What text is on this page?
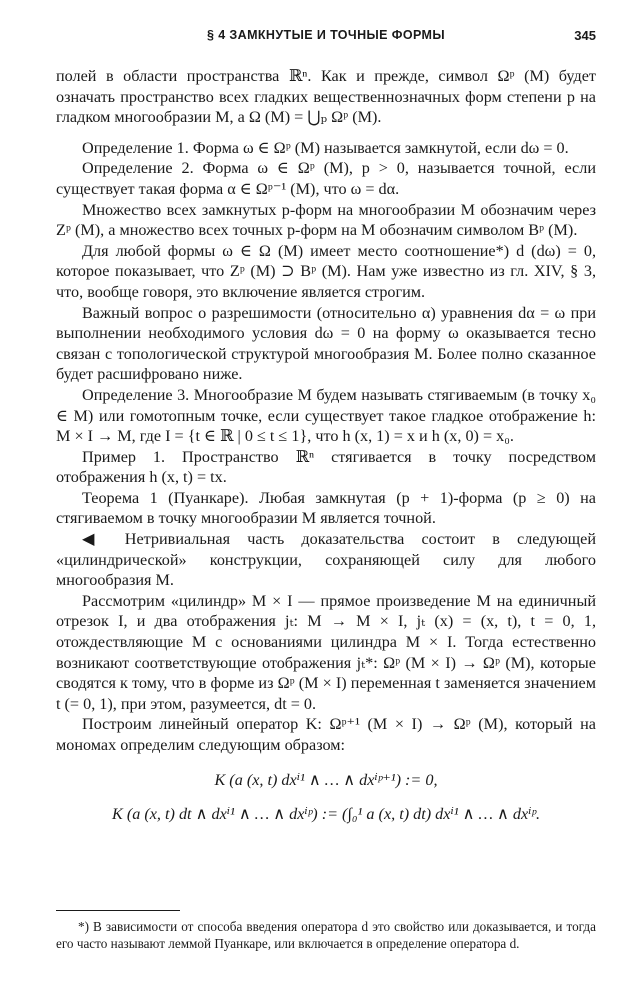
§ 4 ЗАМКНУТЫЕ И ТОЧНЫЕ ФОРМЫ	345

полей в области пространства ℝⁿ. Как и прежде, символ Ωᵖ (M) будет означать пространство всех гладких вещественнозначных форм степени p на гладком многообразии M, а Ω (M) = ⋃ₚ Ωᵖ (M).

Определение 1. Форма ω ∈ Ωᵖ (M) называется замкнутой, если dω = 0.

Определение 2. Форма ω ∈ Ωᵖ (M), p > 0, называется точной, если существует такая форма α ∈ Ωᵖ⁻¹ (M), что ω = dα.

Множество всех замкнутых p-форм на многообразии M обозначим через Zᵖ (M), а множество всех точных p-форм на M обозначим символом Bᵖ (M).

Для любой формы ω ∈ Ω (M) имеет место соотношение*) d (dω) = 0, которое показывает, что Zᵖ (M) ⊃ Bᵖ (M). Нам уже известно из гл. XIV, § 3, что, вообще говоря, это включение является строгим.

Важный вопрос о разрешимости (относительно α) уравнения dα = ω при выполнении необходимого условия dω = 0 на форму ω оказывается тесно связан с топологической структурой многообразия M. Более полно сказанное будет расшифровано ниже.

Определение 3. Многообразие M будем называть стягиваемым (в точку x₀ ∈ M) или гомотопным точке, если существует такое гладкое отображение h: M × I → M, где I = {t ∈ ℝ | 0 ≤ t ≤ 1}, что h (x, 1) = x и h (x, 0) = x₀.

Пример 1. Пространство ℝⁿ стягивается в точку посредством отображения h (x, t) = tx.

Теорема 1 (Пуанкаре). Любая замкнутая (p + 1)-форма (p ≥ 0) на стягиваемом в точку многообразии M является точной.

◀ Нетривиальная часть доказательства состоит в следующей «цилиндрической» конструкции, сохраняющей силу для любого многообразия M.

Рассмотрим «цилиндр» M × I — прямое произведение M на единичный отрезок I, и два отображения jₜ: M → M × I, jₜ (x) = (x, t), t = 0, 1, отождествляющие M с основаниями цилиндра M × I. Тогда естественно возникают соответствующие отображения jₜ*: Ωᵖ (M × I) → Ωᵖ (M), которые сводятся к тому, что в форме из Ωᵖ (M × I) переменная t заменяется значением t (= 0, 1), при этом, разумеется, dt = 0.

Построим линейный оператор K: Ωᵖ⁺¹ (M × I) → Ωᵖ (M), который на мономах определим следующим образом:

K (a (x, t) dxⁱ¹ ∧ … ∧ dxⁱᵖ⁺¹) := 0,

K (a (x, t) dt ∧ dxⁱ¹ ∧ … ∧ dxⁱᵖ) := (∫₀¹ a (x, t) dt) dxⁱ¹ ∧ … ∧ dxⁱᵖ.

*) В зависимости от способа введения оператора d это свойство или доказывается, и тогда его часто называют леммой Пуанкаре, или включается в определение оператора d.
